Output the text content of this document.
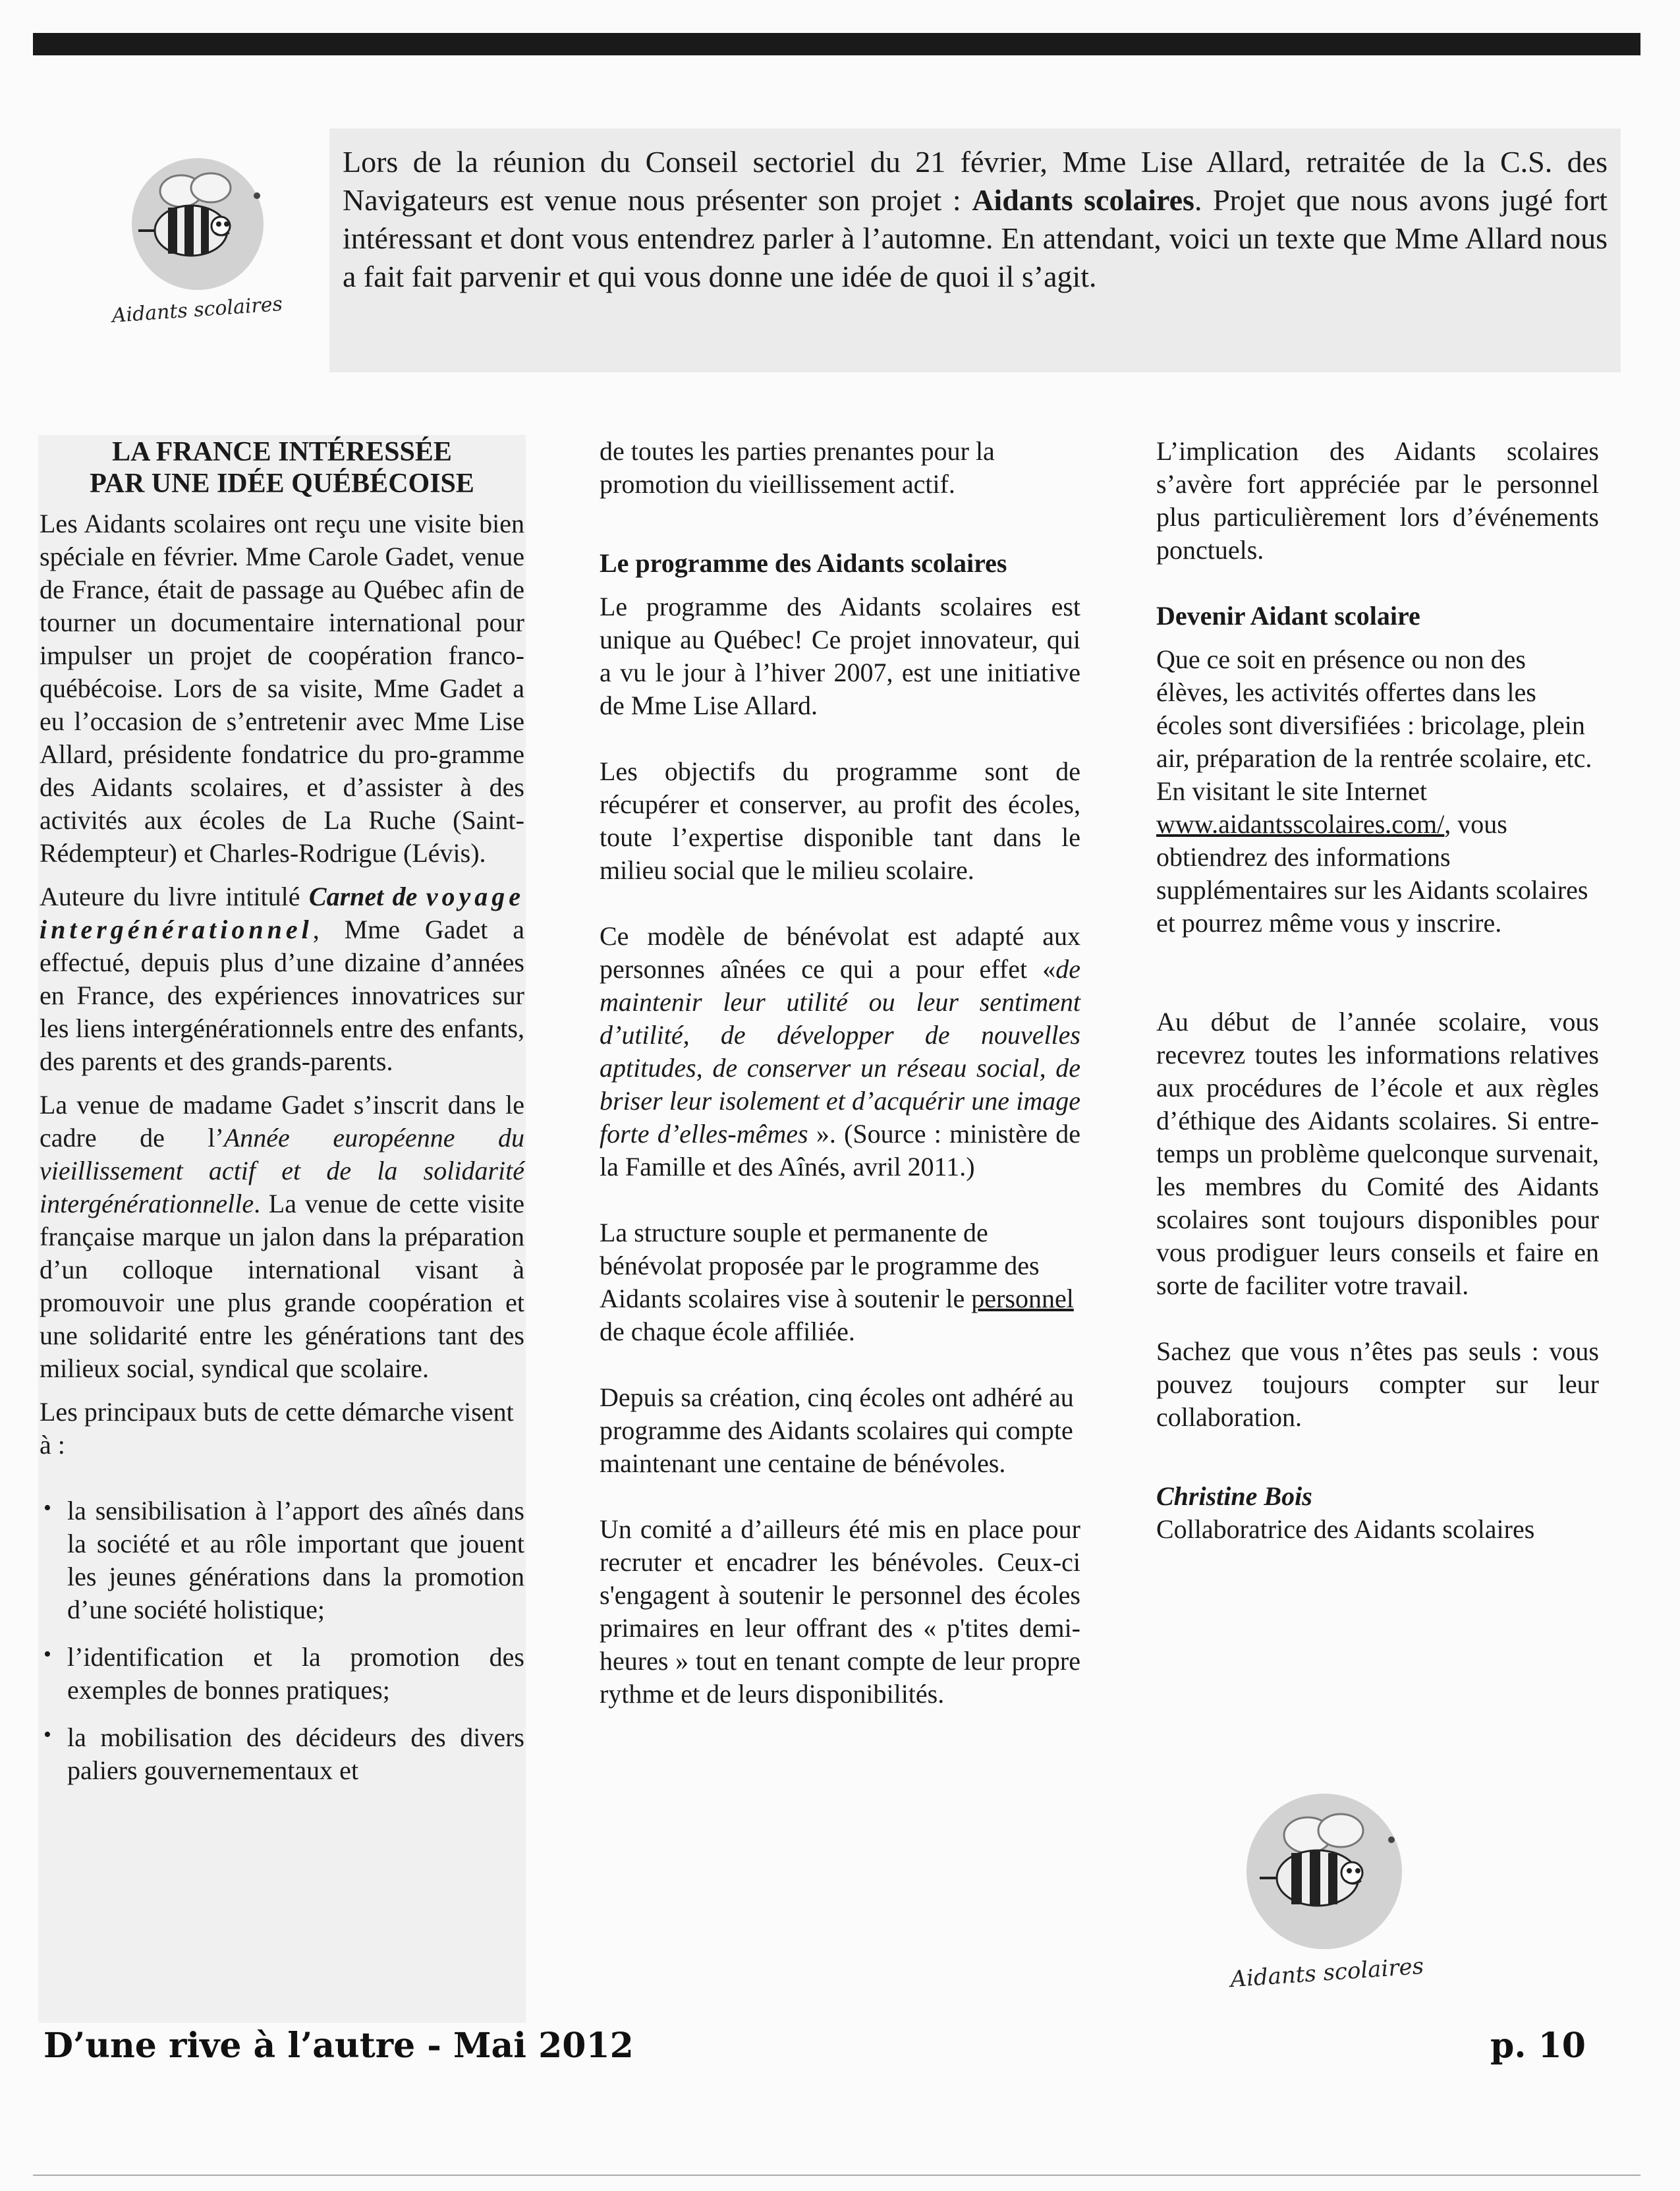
Aidants scolaires

Lors de la réunion du Conseil sectoriel du 21 février, Mme Lise Allard, retraitée de la C.S. des Navigateurs est venue nous présenter son projet : Aidants scolaires. Projet que nous avons jugé fort intéressant et dont vous entendrez parler à l’automne. En attendant, voici un texte que Mme Allard nous a fait fait parvenir et qui vous donne une idée de quoi il s’agit.

LA FRANCE INTÉRESSÉE
PAR UNE IDÉE QUÉBÉCOISE

Les Aidants scolaires ont reçu une visite bien spéciale en février. Mme Carole Gadet, venue de France, était de passage au Québec afin de tourner un documentaire international pour impulser un projet de coopération franco-québécoise. Lors de sa visite, Mme Gadet a eu l’occasion de s’entretenir avec Mme Lise Allard, présidente fondatrice du pro-gramme des Aidants scolaires, et d’assister à des activités aux écoles de La Ruche (Saint-Rédempteur) et Charles-Rodrigue (Lévis).

Auteure du livre intitulé Carnet de voyage intergénérationnel, Mme Gadet a effectué, depuis plus d’une dizaine d’années en France, des expériences innovatrices sur les liens intergénérationnels entre des enfants, des parents et des grands-parents.

La venue de madame Gadet s’inscrit dans le cadre de l’Année européenne du vieillissement actif et de la solidarité intergénérationnelle. La venue de cette visite française marque un jalon dans la préparation d’un colloque international visant à promouvoir une plus grande coopération et une solidarité entre les générations tant des milieux social, syndical que scolaire.

Les principaux buts de cette démarche visent à :

• la sensibilisation à l’apport des aînés dans la société et au rôle important que jouent les jeunes générations dans la promotion d’une société holistique;
• l’identification et la promotion des exemples de bonnes pratiques;
• la mobilisation des décideurs des divers paliers gouvernementaux et

de toutes les parties prenantes pour la promotion du vieillissement actif.

Le programme des Aidants scolaires

Le programme des Aidants scolaires est unique au Québec! Ce projet innovateur, qui a vu le jour à l’hiver 2007, est une initiative de Mme Lise Allard.

Les objectifs du programme sont de récupérer et conserver, au profit des écoles, toute l’expertise disponible tant dans le milieu social que le milieu scolaire.

Ce modèle de bénévolat est adapté aux personnes aînées ce qui a pour effet «de maintenir leur utilité ou leur sentiment d’utilité, de développer de nouvelles aptitudes, de conserver un réseau social, de briser leur isolement et d’acquérir une image forte d’elles-mêmes ». (Source : ministère de la Famille et des Aînés, avril 2011.)

La structure souple et permanente de bénévolat proposée par le programme des Aidants scolaires vise à soutenir le personnel de chaque école affiliée.

Depuis sa création, cinq écoles ont adhéré au programme des Aidants scolaires qui compte maintenant une centaine de bénévoles.

Un comité a d’ailleurs été mis en place pour recruter et encadrer les bénévoles. Ceux-ci s'engagent à soutenir le personnel des écoles primaires en leur offrant des « p'tites demi-heures » tout en tenant compte de leur propre rythme et de leurs disponibilités.

L’implication des Aidants scolaires s’avère fort appréciée par le personnel plus particulièrement lors d’événements ponctuels.

Devenir Aidant scolaire

Que ce soit en présence ou non des élèves, les activités offertes dans les écoles sont diversifiées : bricolage, plein air, préparation de la rentrée scolaire, etc. En visitant le site Internet www.aidantsscolaires.com/, vous obtiendrez des informations supplémentaires sur les Aidants scolaires et pourrez même vous y inscrire.

Au début de l’année scolaire, vous recevrez toutes les informations relatives aux procédures de l’école et aux règles d’éthique des Aidants scolaires. Si entre-temps un problème quelconque survenait, les membres du Comité des Aidants scolaires sont toujours disponibles pour vous prodiguer leurs conseils et faire en sorte de faciliter votre travail.

Sachez que vous n’êtes pas seuls : vous pouvez toujours compter sur leur collaboration.

Christine Bois

Collaboratrice des Aidants scolaires

Aidants scolaires
D’une rive à l’autre - Mai 2012	p. 10
